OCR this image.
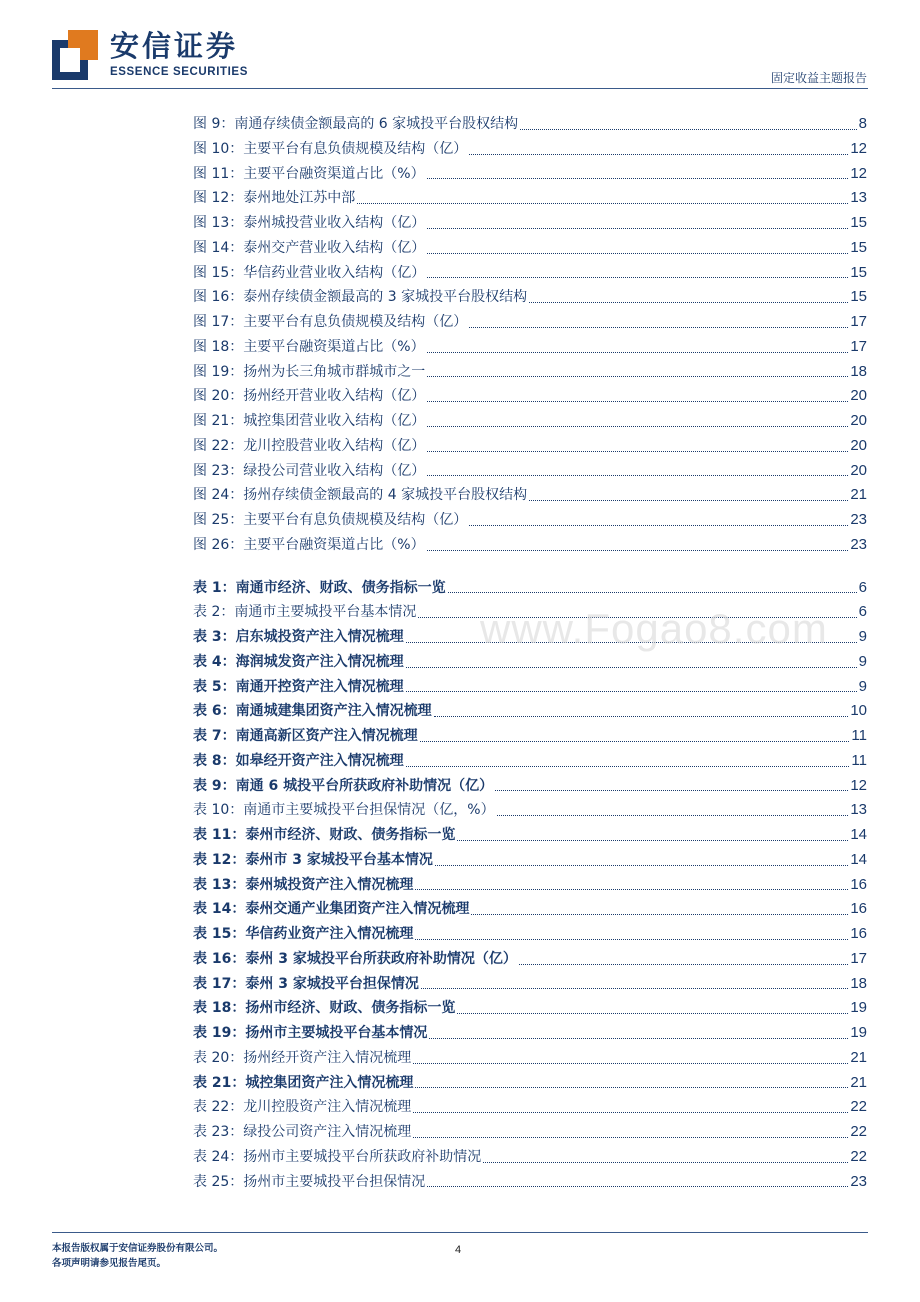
安信证券
ESSENCE SECURITIES	固定收益主题报告
图 9：南通存续债金额最高的 6 家城投平台股权结构	8
图 10：主要平台有息负债规模及结构（亿）	12
图 11：主要平台融资渠道占比（%）	12
图 12：泰州地处江苏中部	13
图 13：泰州城投营业收入结构（亿）	15
图 14：泰州交产营业收入结构（亿）	15
图 15：华信药业营业收入结构（亿）	15
图 16：泰州存续债金额最高的 3 家城投平台股权结构	15
图 17：主要平台有息负债规模及结构（亿）	17
图 18：主要平台融资渠道占比（%）	17
图 19：扬州为长三角城市群城市之一	18
图 20：扬州经开营业收入结构（亿）	20
图 21：城控集团营业收入结构（亿）	20
图 22：龙川控股营业收入结构（亿）	20
图 23：绿投公司营业收入结构（亿）	20
图 24：扬州存续债金额最高的 4 家城投平台股权结构	21
图 25：主要平台有息负债规模及结构（亿）	23
图 26：主要平台融资渠道占比（%）	23
表 1：南通市经济、财政、债务指标一览	6
表 2：南通市主要城投平台基本情况	6
表 3：启东城投资产注入情况梳理	9
表 4：海润城发资产注入情况梳理	9
表 5：南通开控资产注入情况梳理	9
表 6：南通城建集团资产注入情况梳理	10
表 7：南通高新区资产注入情况梳理	11
表 8：如皋经开资产注入情况梳理	11
表 9：南通 6 城投平台所获政府补助情况（亿）	12
表 10：南通市主要城投平台担保情况（亿，%）	13
表 11：泰州市经济、财政、债务指标一览	14
表 12：泰州市 3 家城投平台基本情况	14
表 13：泰州城投资产注入情况梳理	16
表 14：泰州交通产业集团资产注入情况梳理	16
表 15：华信药业资产注入情况梳理	16
表 16：泰州 3 家城投平台所获政府补助情况（亿）	17
表 17：泰州 3 家城投平台担保情况	18
表 18：扬州市经济、财政、债务指标一览	19
表 19：扬州市主要城投平台基本情况	19
表 20：扬州经开资产注入情况梳理	21
表 21：城控集团资产注入情况梳理	21
表 22：龙川控股资产注入情况梳理	22
表 23：绿投公司资产注入情况梳理	22
表 24：扬州市主要城投平台所获政府补助情况	22
表 25：扬州市主要城投平台担保情况	23
www.Fogao8.com
本报告版权属于安信证券股份有限公司。
各项声明请参见报告尾页。
4
